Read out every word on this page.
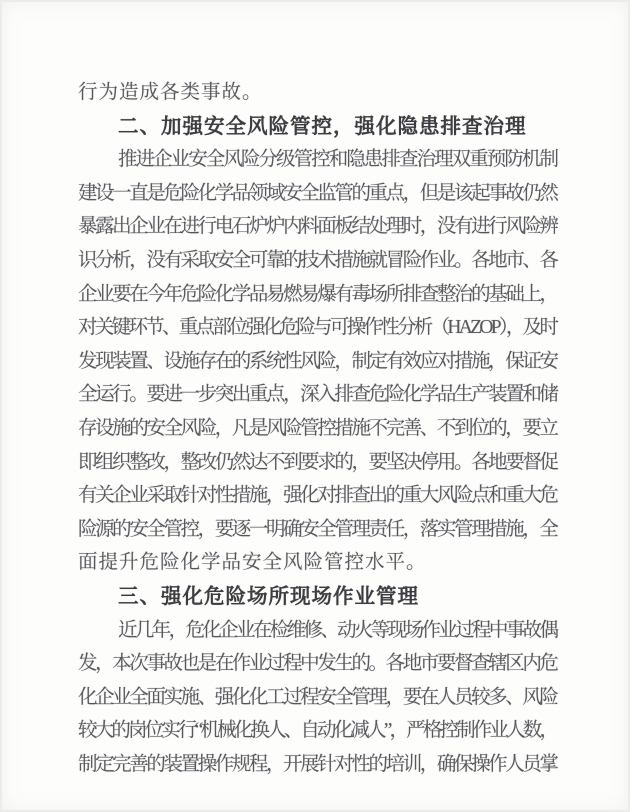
行为造成各类事故。
二、加强安全风险管控，强化隐患排查治理
推进企业安全风险分级管控和隐患排查治理双重预防机制
建设一直是危险化学品领域安全监管的重点，但是该起事故仍然
暴露出企业在进行电石炉炉内料面板结处理时，没有进行风险辨
识分析，没有采取安全可靠的技术措施就冒险作业。各地市、各
企业要在今年危险化学品易燃易爆有毒场所排查整治的基础上，
对关键环节、重点部位强化危险与可操作性分析（HAZOP），及时
发现装置、设施存在的系统性风险，制定有效应对措施，保证安
全运行。要进一步突出重点，深入排查危险化学品生产装置和储
存设施的安全风险，凡是风险管控措施不完善、不到位的，要立
即组织整改，整改仍然达不到要求的，要坚决停用。各地要督促
有关企业采取针对性措施，强化对排查出的重大风险点和重大危
险源的安全管控，要逐一明确安全管理责任，落实管理措施，全
面提升危险化学品安全风险管控水平。
三、强化危险场所现场作业管理
近几年，危化企业在检维修、动火等现场作业过程中事故偶
发，本次事故也是在作业过程中发生的。各地市要督查辖区内危
化企业全面实施、强化化工过程安全管理，要在人员较多、风险
较大的岗位实行“机械化换人、自动化减人”，严格控制作业人数，
制定完善的装置操作规程，开展针对性的培训，确保操作人员掌
